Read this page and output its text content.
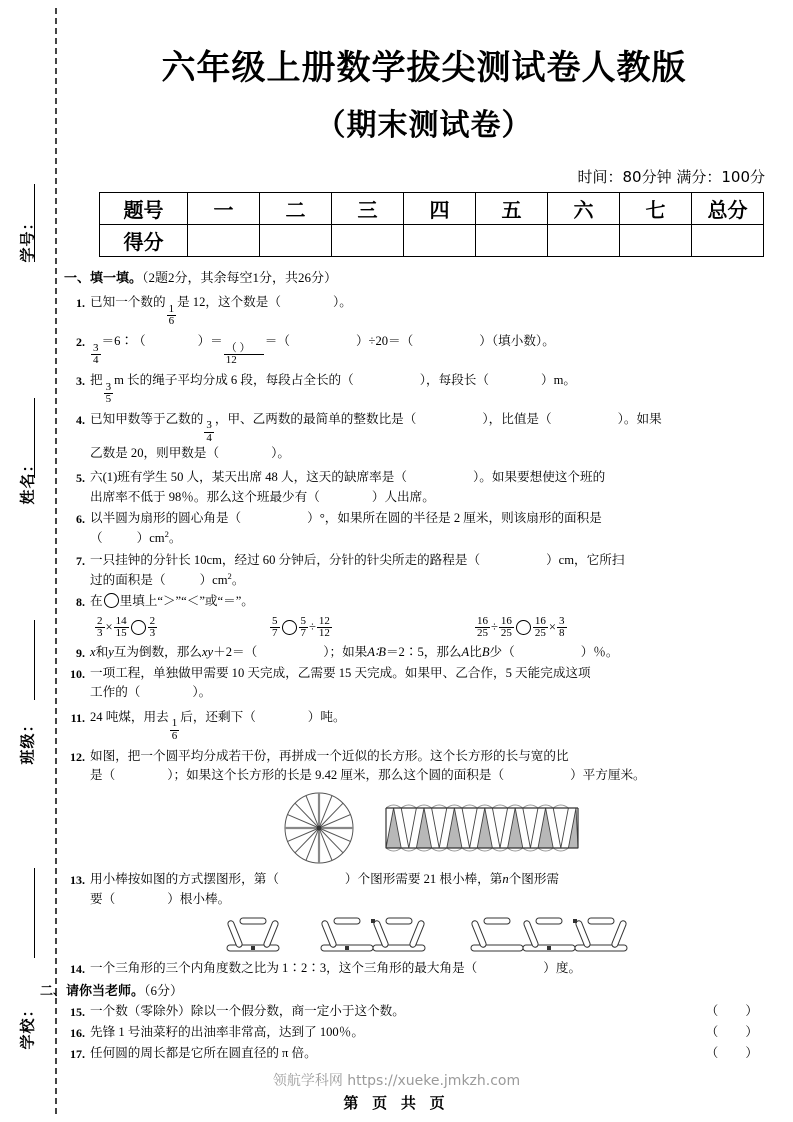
学号：
姓名：
班级：
学校：
六年级上册数学拔尖测试卷人教版
（期末测试卷）
时间：80分钟 满分：100分
题号	一	二	三	四	五	六	七	总分
得分								
一、填一填。（2题2分，其余每空1分，共26分）
1. 已知一个数的
$\frac{1}{6}$
是 12，这个数是（	）。
2.
$\frac{3}{4}$
＝6∶（	）＝
$\frac{( )}{12}$
＝（	）÷20＝（	）（填小数）。
3. 把
$\frac{3}{5}$
m 长的绳子平均分成 6 段，每段占全长的（	），每段长（	）m。
4. 已知甲数等于乙数的
$\frac{3}{4}$
，甲、乙两数的最简单的整数比是（	），比值是（	）。如果
乙数是 20，则甲数是（	）。
5. 六(1)班有学生 50 人，某天出席 48 人，这天的缺席率是（	）。如果要想使这个班的
出席率不低于 98％。那么这个班最少有（	）人出席。
6. 以半圆为扇形的圆心角是（	）°，如果所在圆的半径是 2 厘米，则该扇形的面积是
（	）$cm^2$。
7. 一只挂钟的分针长 10cm，经过 60 分钟后，分针的针尖所走的路程是（	）cm，它所扫
过的面积是（	）$cm^2$。
8. 在 里填上“＞”“＜”或“＝”。
$\frac{2}{3} \times \frac{14}{15} \frac{2}{3}$	$\frac{5}{7} \frac{5}{7} \div \frac{12}{12}$	$\frac{16}{25} \div \frac{16}{25} \frac{16}{25} \times \frac{3}{8}$
9. x和y互为倒数，那么xy＋2＝（	）；如果A∶B＝2∶5，那么A比B少（	）％。
10. 一项工程，单独做甲需要 10 天完成，乙需要 15 天完成。如果甲、乙合作，5 天能完成这项
工作的（	）。
11. 24 吨煤，用去
$\frac{1}{6}$
后，还剩下（	）吨。
12. 如图，把一个圆平均分成若干份，再拼成一个近似的长方形。这个长方形的长与宽的比
是（	）；如果这个长方形的长是 9.42 厘米，那么这个圆的面积是（	）平方厘米。
13. 用小棒按如图的方式摆图形，第（	）个图形需要 21 根小棒，第n个图形需
要（	）根小棒。
14. 一个三角形的三个内角度数之比为 1∶2∶3，这个三角形的最大角是（	）度。
二、请你当老师。（6分）
15. 一个数（零除外）除以一个假分数，商一定小于这个数。	（ ）
16. 先锋 1 号油菜籽的出油率非常高，达到了 100％。	（ ）
17. 任何圆的周长都是它所在圆直径的 π 倍。	（ ）
领航学科网 https://xueke.jmkzh.com
第 页 共 页
